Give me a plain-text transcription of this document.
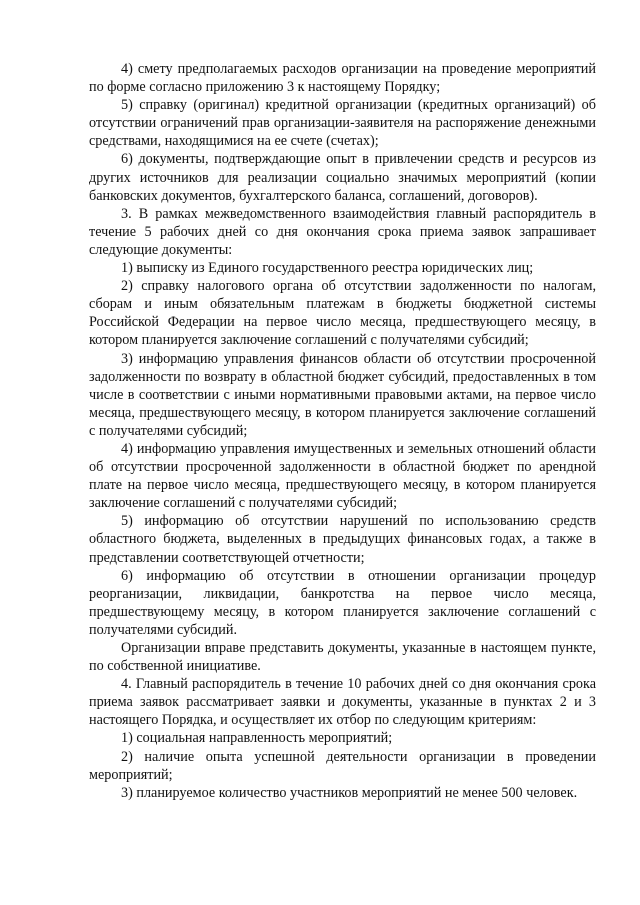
4) смету предполагаемых расходов организации на проведение мероприятий по форме согласно приложению 3 к настоящему Порядку;

5) справку (оригинал) кредитной организации (кредитных организаций) об отсутствии ограничений прав организации-заявителя на распоряжение денежными средствами, находящимися на ее счете (счетах);

6) документы, подтверждающие опыт в привлечении средств и ресурсов из других источников для реализации социально значимых мероприятий (копии банковских документов, бухгалтерского баланса, соглашений, договоров).

3. В рамках межведомственного взаимодействия главный распорядитель в течение 5 рабочих дней со дня окончания срока приема заявок запрашивает следующие документы:

1) выписку из Единого государственного реестра юридических лиц;

2) справку налогового органа об отсутствии задолженности по налогам, сборам и иным обязательным платежам в бюджеты бюджетной системы Российской Федерации на первое число месяца, предшествующего месяцу, в котором планируется заключение соглашений с получателями субсидий;

3) информацию управления финансов области об отсутствии просроченной задолженности по возврату в областной бюджет субсидий, предоставленных в том числе в соответствии с иными нормативными правовыми актами, на первое число месяца, предшествующего месяцу, в котором планируется заключение соглашений с получателями субсидий;

4) информацию управления имущественных и земельных отношений области об отсутствии просроченной задолженности в областной бюджет по арендной плате на первое число месяца, предшествующего месяцу, в котором планируется заключение соглашений с получателями субсидий;

5) информацию об отсутствии нарушений по использованию средств областного бюджета, выделенных в предыдущих финансовых годах, а также в представлении соответствующей отчетности;

6) информацию об отсутствии в отношении организации процедур реорганизации, ликвидации, банкротства на первое число месяца, предшествующему месяцу, в котором планируется заключение соглашений с получателями субсидий.

Организации вправе представить документы, указанные в настоящем пункте, по собственной инициативе.

4. Главный распорядитель в течение 10 рабочих дней со дня окончания срока приема заявок рассматривает заявки и документы, указанные в пунктах 2 и 3 настоящего Порядка, и осуществляет их отбор по следующим критериям:

1) социальная направленность мероприятий;

2) наличие опыта успешной деятельности организации в проведении мероприятий;

3) планируемое количество участников мероприятий не менее 500 человек.
